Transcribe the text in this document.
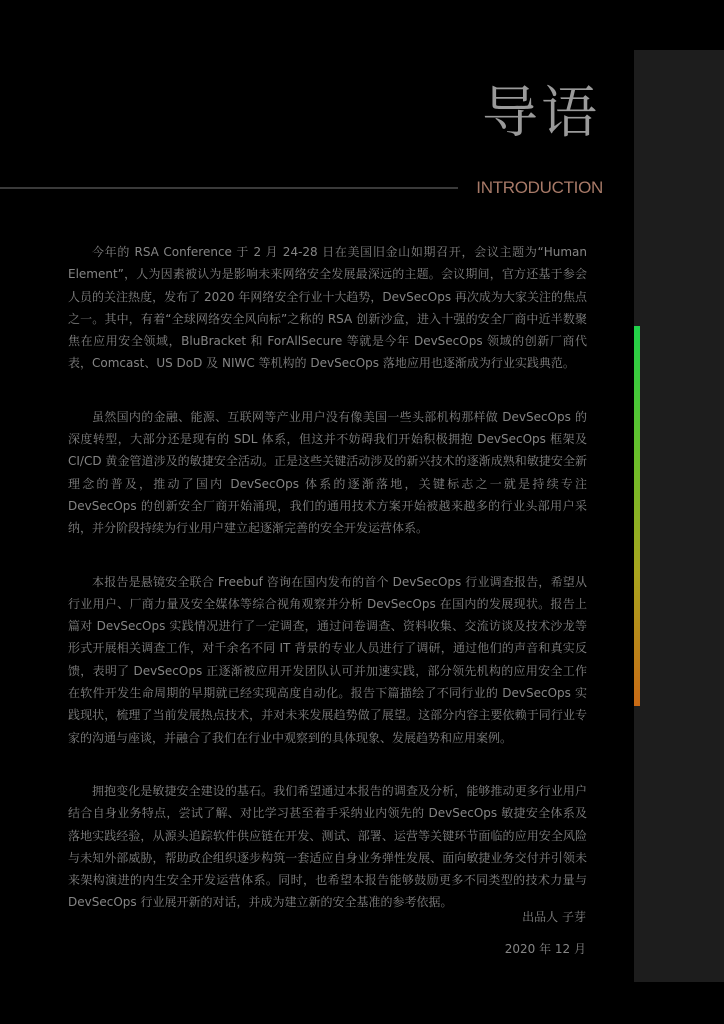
导语
INTRODUCTION

今年的 RSA Conference 于 2 月 24-28 日在美国旧金山如期召开，会议主题为“Human Element”，人为因素被认为是影响未来网络安全发展最深远的主题。会议期间，官方还基于参会人员的关注热度，发布了 2020 年网络安全行业十大趋势，DevSecOps 再次成为大家关注的焦点之一。其中，有着“全球网络安全风向标”之称的 RSA 创新沙盒，进入十强的安全厂商中近半数聚焦在应用安全领域，BluBracket 和 ForAllSecure 等就是今年 DevSecOps 领域的创新厂商代表，Comcast、US DoD 及 NIWC 等机构的 DevSecOps 落地应用也逐渐成为行业实践典范。

虽然国内的金融、能源、互联网等产业用户没有像美国一些头部机构那样做 DevSecOps 的深度转型，大部分还是现有的 SDL 体系，但这并不妨碍我们开始积极拥抱 DevSecOps 框架及 CI/CD 黄金管道涉及的敏捷安全活动。正是这些关键活动涉及的新兴技术的逐渐成熟和敏捷安全新理念的普及，推动了国内 DevSecOps 体系的逐渐落地，关键标志之一就是持续专注 DevSecOps 的创新安全厂商开始涌现，我们的通用技术方案开始被越来越多的行业头部用户采纳，并分阶段持续为行业用户建立起逐渐完善的安全开发运营体系。

本报告是悬镜安全联合 Freebuf 咨询在国内发布的首个 DevSecOps 行业调查报告，希望从行业用户、厂商力量及安全媒体等综合视角观察并分析 DevSecOps 在国内的发展现状。报告上篇对 DevSecOps 实践情况进行了一定调查，通过问卷调查、资料收集、交流访谈及技术沙龙等形式开展相关调查工作，对千余名不同 IT 背景的专业人员进行了调研，通过他们的声音和真实反馈，表明了 DevSecOps 正逐渐被应用开发团队认可并加速实践，部分领先机构的应用安全工作在软件开发生命周期的早期就已经实现高度自动化。报告下篇描绘了不同行业的 DevSecOps 实践现状，梳理了当前发展热点技术，并对未来发展趋势做了展望。这部分内容主要依赖于同行业专家的沟通与座谈，并融合了我们在行业中观察到的具体现象、发展趋势和应用案例。

拥抱变化是敏捷安全建设的基石。我们希望通过本报告的调查及分析，能够推动更多行业用户结合自身业务特点，尝试了解、对比学习甚至着手采纳业内领先的 DevSecOps 敏捷安全体系及落地实践经验，从源头追踪软件供应链在开发、测试、部署、运营等关键环节面临的应用安全风险与未知外部威胁，帮助政企组织逐步构筑一套适应自身业务弹性发展、面向敏捷业务交付并引领未来架构演进的内生安全开发运营体系。同时，也希望本报告能够鼓励更多不同类型的技术力量与 DevSecOps 行业展开新的对话，并成为建立新的安全基准的参考依据。

出品人 子芽
2020 年 12 月
